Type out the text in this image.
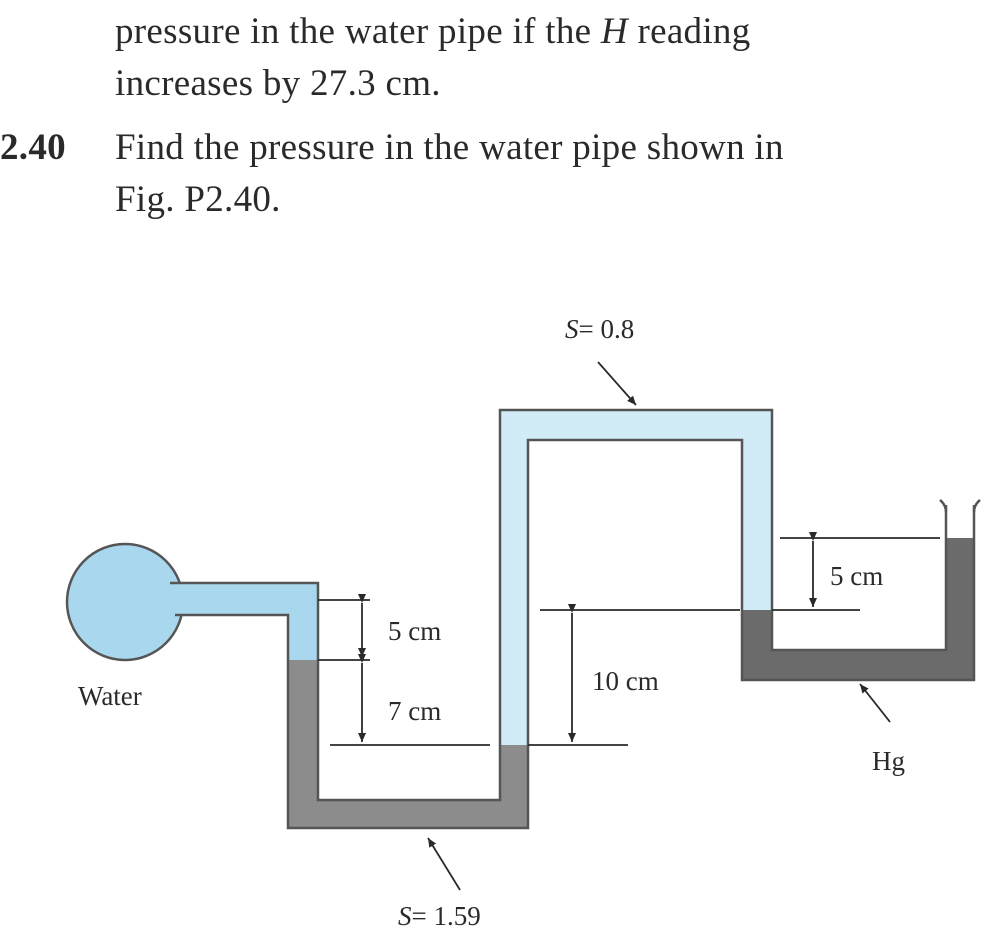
pressure in the water pipe if the H reading
increases by 27.3 cm.
2.40 Find the pressure in the water pipe shown in
Fig. P2.40.
S= 0.8
S= 1.59
Water
Hg
5 cm
7 cm
10 cm
5 cm
